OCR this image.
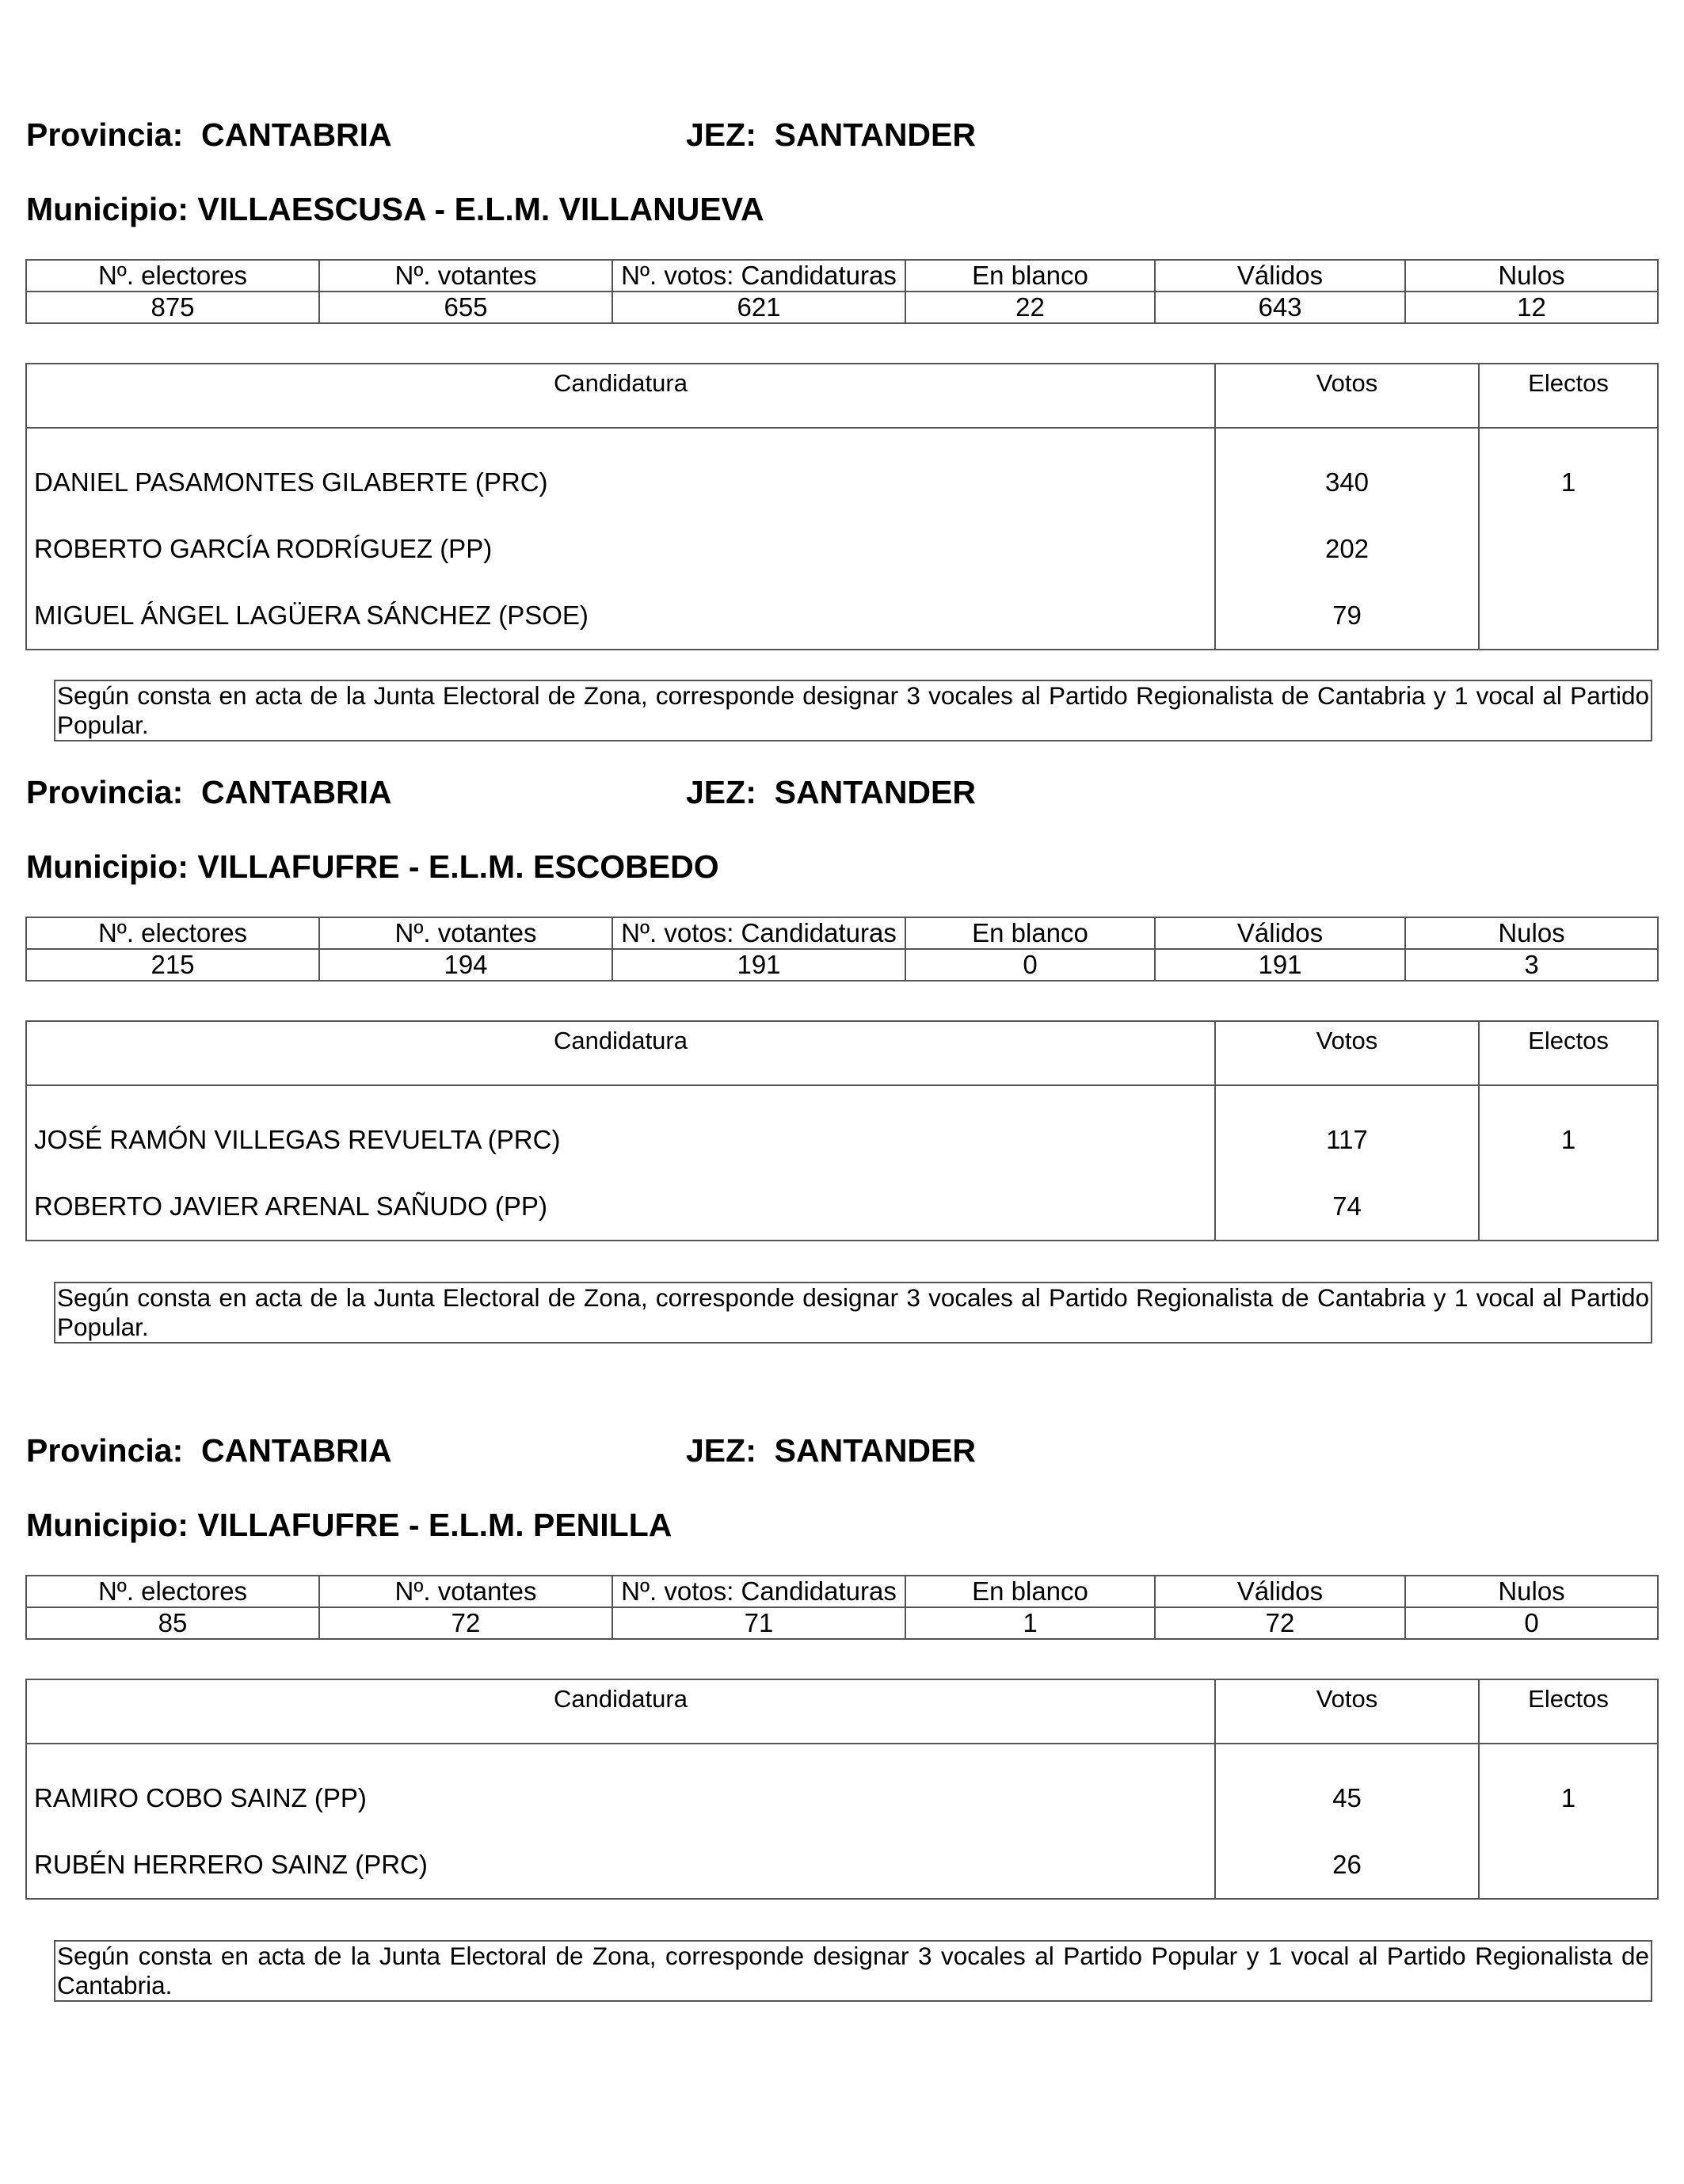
Provincia:  CANTABRIA	JEZ:  SANTANDER
Municipio: VILLAESCUSA - E.L.M. VILLANUEVA
Nº. electores	Nº. votantes	Nº. votos: Candidaturas	En blanco	Válidos	Nulos
875	655	621	22	643	12
Candidatura	Votos	Electos
DANIEL PASAMONTES GILABERTE (PRC)	340	1
ROBERTO GARCÍA RODRÍGUEZ (PP)	202	
MIGUEL ÁNGEL LAGÜERA SÁNCHEZ (PSOE)	79	
Según consta en acta de la Junta Electoral de Zona, corresponde designar 3 vocales al Partido Regionalista de Cantabria y 1 vocal al Partido Popular.
Provincia:  CANTABRIA	JEZ:  SANTANDER
Municipio: VILLAFUFRE - E.L.M. ESCOBEDO
Nº. electores	Nº. votantes	Nº. votos: Candidaturas	En blanco	Válidos	Nulos
215	194	191	0	191	3
Candidatura	Votos	Electos
JOSÉ RAMÓN VILLEGAS REVUELTA (PRC)	117	1
ROBERTO JAVIER ARENAL SAÑUDO (PP)	74	
Según consta en acta de la Junta Electoral de Zona, corresponde designar 3 vocales al Partido Regionalista de Cantabria y 1 vocal al Partido Popular.
Provincia:  CANTABRIA	JEZ:  SANTANDER
Municipio: VILLAFUFRE - E.L.M. PENILLA
Nº. electores	Nº. votantes	Nº. votos: Candidaturas	En blanco	Válidos	Nulos
85	72	71	1	72	0
Candidatura	Votos	Electos
RAMIRO COBO SAINZ (PP)	45	1
RUBÉN HERRERO SAINZ (PRC)	26	
Según consta en acta de la Junta Electoral de Zona, corresponde designar 3 vocales al Partido Popular y 1 vocal al Partido Regionalista de Cantabria.
